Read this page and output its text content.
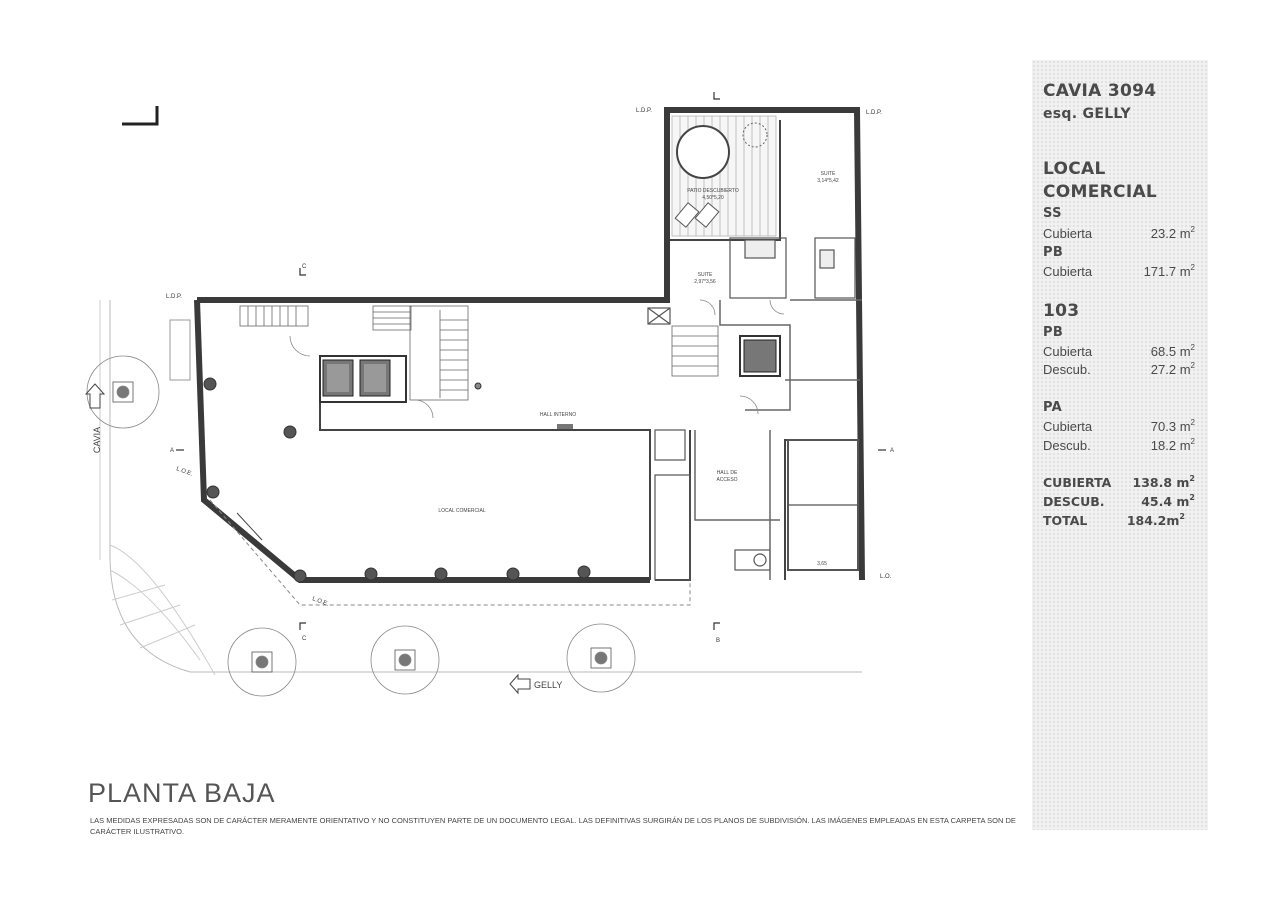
PATIO DESCUBIERTO
4,50*5,20
SUITE
3,14*5,42
SUITE
2,97*3,56
HALL INTERNO
HALL DE
ACCESO
LOCAL COMERCIAL
3,65
L.D.P.	L.D.P.
L.D.P.
L.O.
L.O.E.
L.O.E.
A	A
B
C
C
CAVIA
GELLY
CAVIA 3094
esq. GELLY
LOCAL
COMERCIAL
SS
Cubierta	23.2 $m^2$
PB
Cubierta	171.7 $m^2$
103
PB
Cubierta	68.5 $m^2$
Descub.	27.2 $m^2$
PA
Cubierta	70.3 $m^2$
Descub.	18.2 $m^2$
CUBIERTA 138.8 $m^2$
DESCUB.	45.4 $m^2$
TOTAL	$184.2m^2$
PLANTA BAJA

LAS MEDIDAS EXPRESADAS SON DE CARÁCTER MERAMENTE ORIENTATIVO Y NO CONSTITUYEN PARTE DE UN DOCUMENTO LEGAL. LAS DEFINITIVAS SURGIRÁN DE LOS PLANOS DE SUBDIVISIÓN. LAS IMÁGENES EMPLEADAS EN ESTA CARPETA SON DE CARÁCTER ILUSTRATIVO.
